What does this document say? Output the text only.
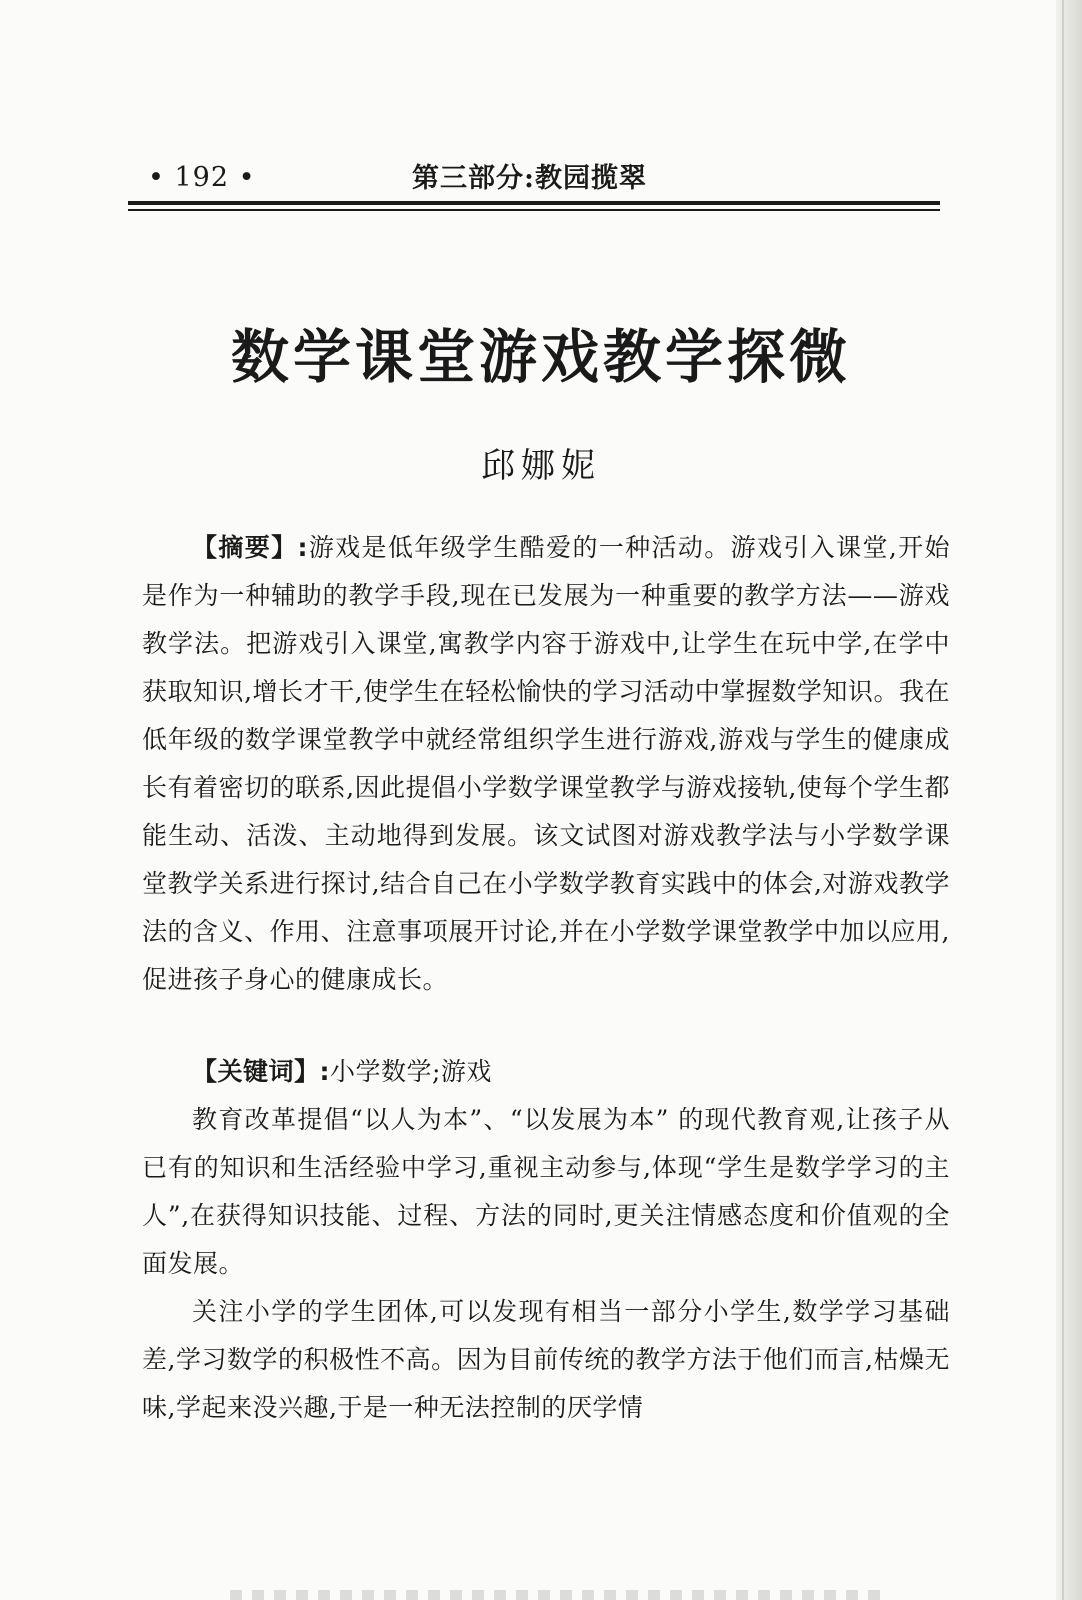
• 192 •	第三部分:教园揽翠
数学课堂游戏教学探微
邱娜妮
【摘要】:游戏是低年级学生酷爱的一种活动。游戏引入课堂,开始是作为一种辅助的教学手段,现在已发展为一种重要的教学方法——游戏教学法。把游戏引入课堂,寓教学内容于游戏中,让学生在玩中学,在学中获取知识,增长才干,使学生在轻松愉快的学习活动中掌握数学知识。我在低年级的数学课堂教学中就经常组织学生进行游戏,游戏与学生的健康成长有着密切的联系,因此提倡小学数学课堂教学与游戏接轨,使每个学生都能生动、活泼、主动地得到发展。该文试图对游戏教学法与小学数学课堂教学关系进行探讨,结合自己在小学数学教育实践中的体会,对游戏教学法的含义、作用、注意事项展开讨论,并在小学数学课堂教学中加以应用,促进孩子身心的健康成长。
【关键词】:小学数学;游戏
教育改革提倡“以人为本”、“以发展为本” 的现代教育观,让孩子从已有的知识和生活经验中学习,重视主动参与,体现“学生是数学学习的主人”,在获得知识技能、过程、方法的同时,更关注情感态度和价值观的全面发展。
关注小学的学生团体,可以发现有相当一部分小学生,数学学习基础差,学习数学的积极性不高。因为目前传统的教学方法于他们而言,枯燥无味,学起来没兴趣,于是一种无法控制的厌学情
